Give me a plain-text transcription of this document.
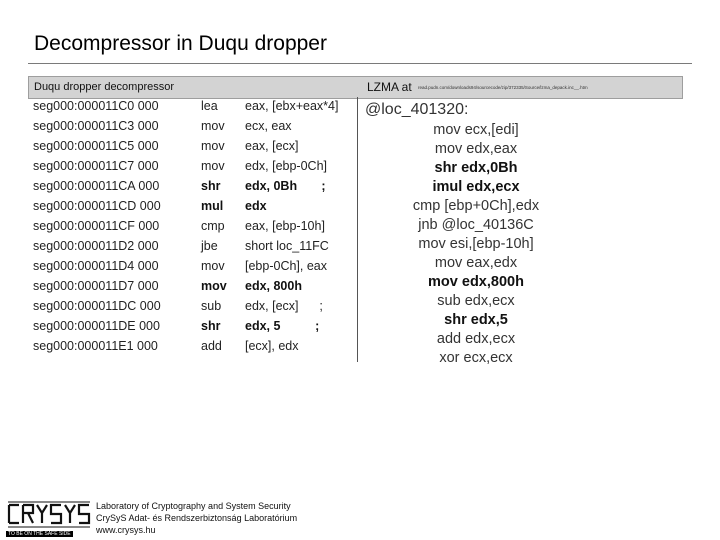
Decompressor in Duqu dropper
Duqu dropper decompressor	LZMA at read.pudn.com/downloads94/sourcecode/zip/372335/Source/lzma_depack.inc__.htm
seg000:000011C0 000	lea eax, [ebx+eax*4]
seg000:000011C3 000	mov ecx, eax
seg000:000011C5 000	mov eax, [ecx]
seg000:000011C7 000	mov edx, [ebp-0Ch]
seg000:000011CA 000	shr edx, 0Bh       ;
seg000:000011CD 000	mul edx
seg000:000011CF 000	cmp eax, [ebp-10h]
seg000:000011D2 000	jbe short loc_11FC
seg000:000011D4 000	mov [ebp-0Ch], eax
seg000:000011D7 000	mov edx, 800h
seg000:000011DC 000	sub edx, [ecx]      ;
seg000:000011DE 000	shr edx, 5          ;
seg000:000011E1 000	add [ecx], edx
@loc_401320:
mov ecx,[edi]
mov edx,eax
shr edx,0Bh
imul edx,ecx
cmp [ebp+0Ch],edx
jnb @loc_40136C
mov esi,[ebp-10h]
mov eax,edx
mov edx,800h
sub edx,ecx
shr edx,5
add edx,ecx
xor ecx,ecx
TO BE ON THE SAFE SIDE
Laboratory of Cryptography and System Security
CrySyS Adat- és Rendszerbiztonság Laboratórium
www.crysys.hu
